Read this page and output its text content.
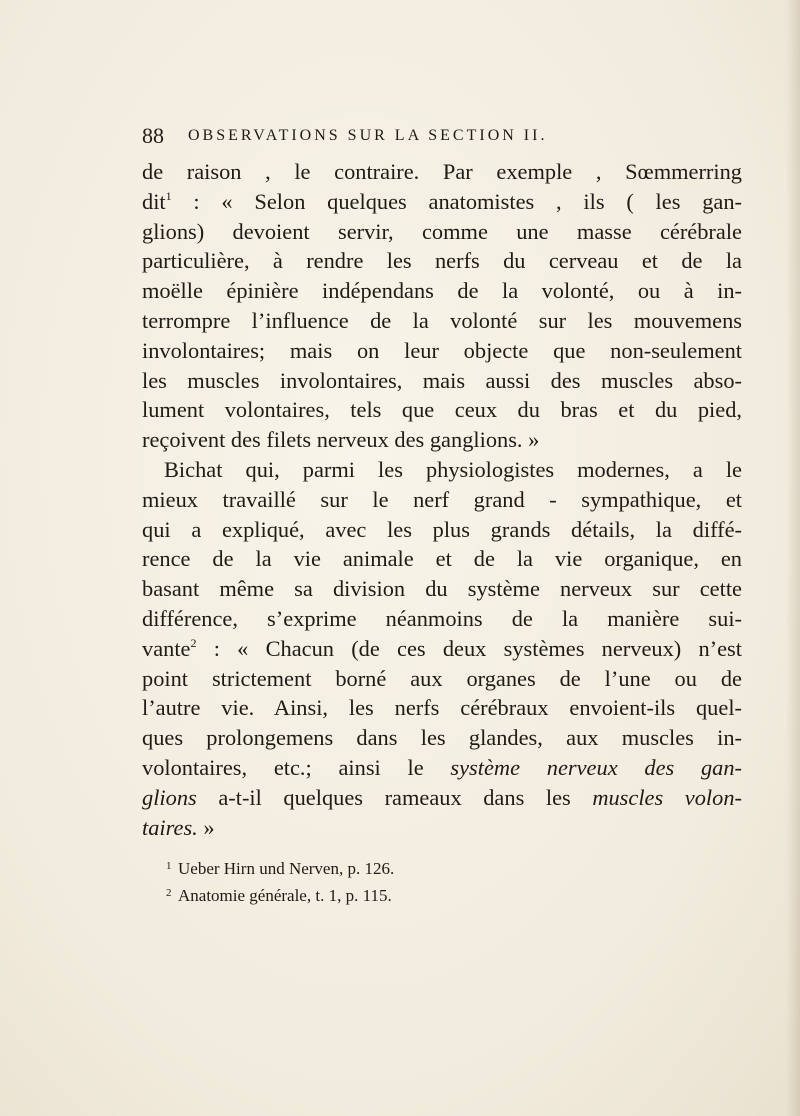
88 OBSERVATIONS SUR LA SECTION II.
de raison , le contraire. Par exemple , Sœmmerring
dit$^1$ : « Selon quelques anatomistes , ils ( les gan-
glions) devoient servir, comme une masse cérébrale
particulière, à rendre les nerfs du cerveau et de la
moëlle épinière indépendans de la volonté, ou à in-
terrompre l’influence de la volonté sur les mouvemens
involontaires; mais on leur objecte que non-seulement
les muscles involontaires, mais aussi des muscles abso-
lument volontaires, tels que ceux du bras et du pied,
reçoivent des filets nerveux des ganglions. »
Bichat qui, parmi les physiologistes modernes, a le
mieux travaillé sur le nerf grand - sympathique, et
qui a expliqué, avec les plus grands détails, la diffé-
rence de la vie animale et de la vie organique, en
basant même sa division du système nerveux sur cette
différence, s’exprime néanmoins de la manière sui-
vante$^2$ : « Chacun (de ces deux systèmes nerveux) n’est
point strictement borné aux organes de l’une ou de
l’autre vie. Ainsi, les nerfs cérébraux envoient-ils quel-
ques prolongemens dans les glandes, aux muscles in-
volontaires, etc.; ainsi le système nerveux des gan-
glions a-t-il quelques rameaux dans les muscles volon-
taires. »
1 Ueber Hirn und Nerven, p. 126.
2 Anatomie générale, t. 1, p. 115.
